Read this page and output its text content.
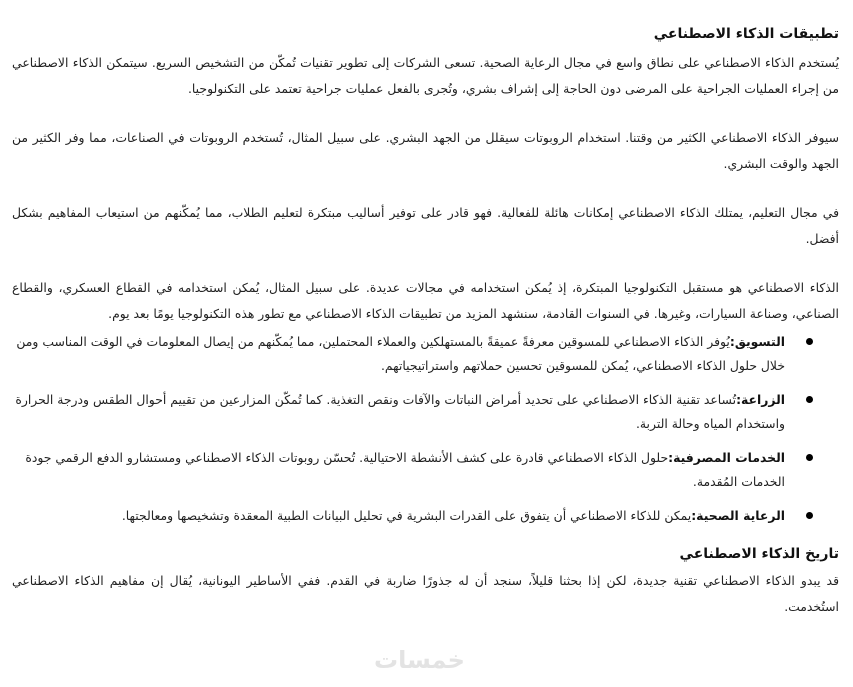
تطبيقات الذكاء الاصطناعي

يُستخدم الذكاء الاصطناعي على نطاق واسع في مجال الرعاية الصحية. تسعى الشركات إلى تطوير تقنيات تُمكّن من التشخيص السريع. سيتمكن الذكاء الاصطناعي من إجراء العمليات الجراحية على المرضى دون الحاجة إلى إشراف بشري، وتُجرى بالفعل عمليات جراحية تعتمد على التكنولوجيا.

سيوفر الذكاء الاصطناعي الكثير من وقتنا. استخدام الروبوتات سيقلل من الجهد البشري. على سبيل المثال، تُستخدم الروبوتات في الصناعات، مما وفر الكثير من الجهد والوقت البشري.

في مجال التعليم، يمتلك الذكاء الاصطناعي إمكانات هائلة للفعالية. فهو قادر على توفير أساليب مبتكرة لتعليم الطلاب، مما يُمكّنهم من استيعاب المفاهيم بشكل أفضل.

الذكاء الاصطناعي هو مستقبل التكنولوجيا المبتكرة، إذ يُمكن استخدامه في مجالات عديدة. على سبيل المثال، يُمكن استخدامه في القطاع العسكري، والقطاع الصناعي، وصناعة السيارات، وغيرها. في السنوات القادمة، سنشهد المزيد من تطبيقات الذكاء الاصطناعي مع تطور هذه التكنولوجيا يومًا بعد يوم.

التسويق:يُوفر الذكاء الاصطناعي للمسوقين معرفةً عميقةً بالمستهلكين والعملاء المحتملين، مما يُمكّنهم من إيصال المعلومات في الوقت المناسب ومن خلال حلول الذكاء الاصطناعي، يُمكن للمسوقين تحسين حملاتهم واستراتيجياتهم.
الزراعة:تُساعد تقنية الذكاء الاصطناعي على تحديد أمراض النباتات والآفات ونقص التغذية. كما تُمكّن المزارعين من تقييم أحوال الطقس ودرجة الحرارة واستخدام المياه وحالة التربة.
الخدمات المصرفية:حلول الذكاء الاصطناعي قادرة على كشف الأنشطة الاحتيالية. تُحسّن روبوتات الذكاء الاصطناعي ومستشارو الدفع الرقمي جودة الخدمات المُقدمة.
الرعاية الصحية:يمكن للذكاء الاصطناعي أن يتفوق على القدرات البشرية في تحليل البيانات الطبية المعقدة وتشخيصها ومعالجتها.
تاريخ الذكاء الاصطناعي

قد يبدو الذكاء الاصطناعي تقنية جديدة، لكن إذا بحثنا قليلاً، سنجد أن له جذورًا ضاربة في القدم. ففي الأساطير اليونانية، يُقال إن مفاهيم الذكاء الاصطناعي استُخدمت.

خمسات
